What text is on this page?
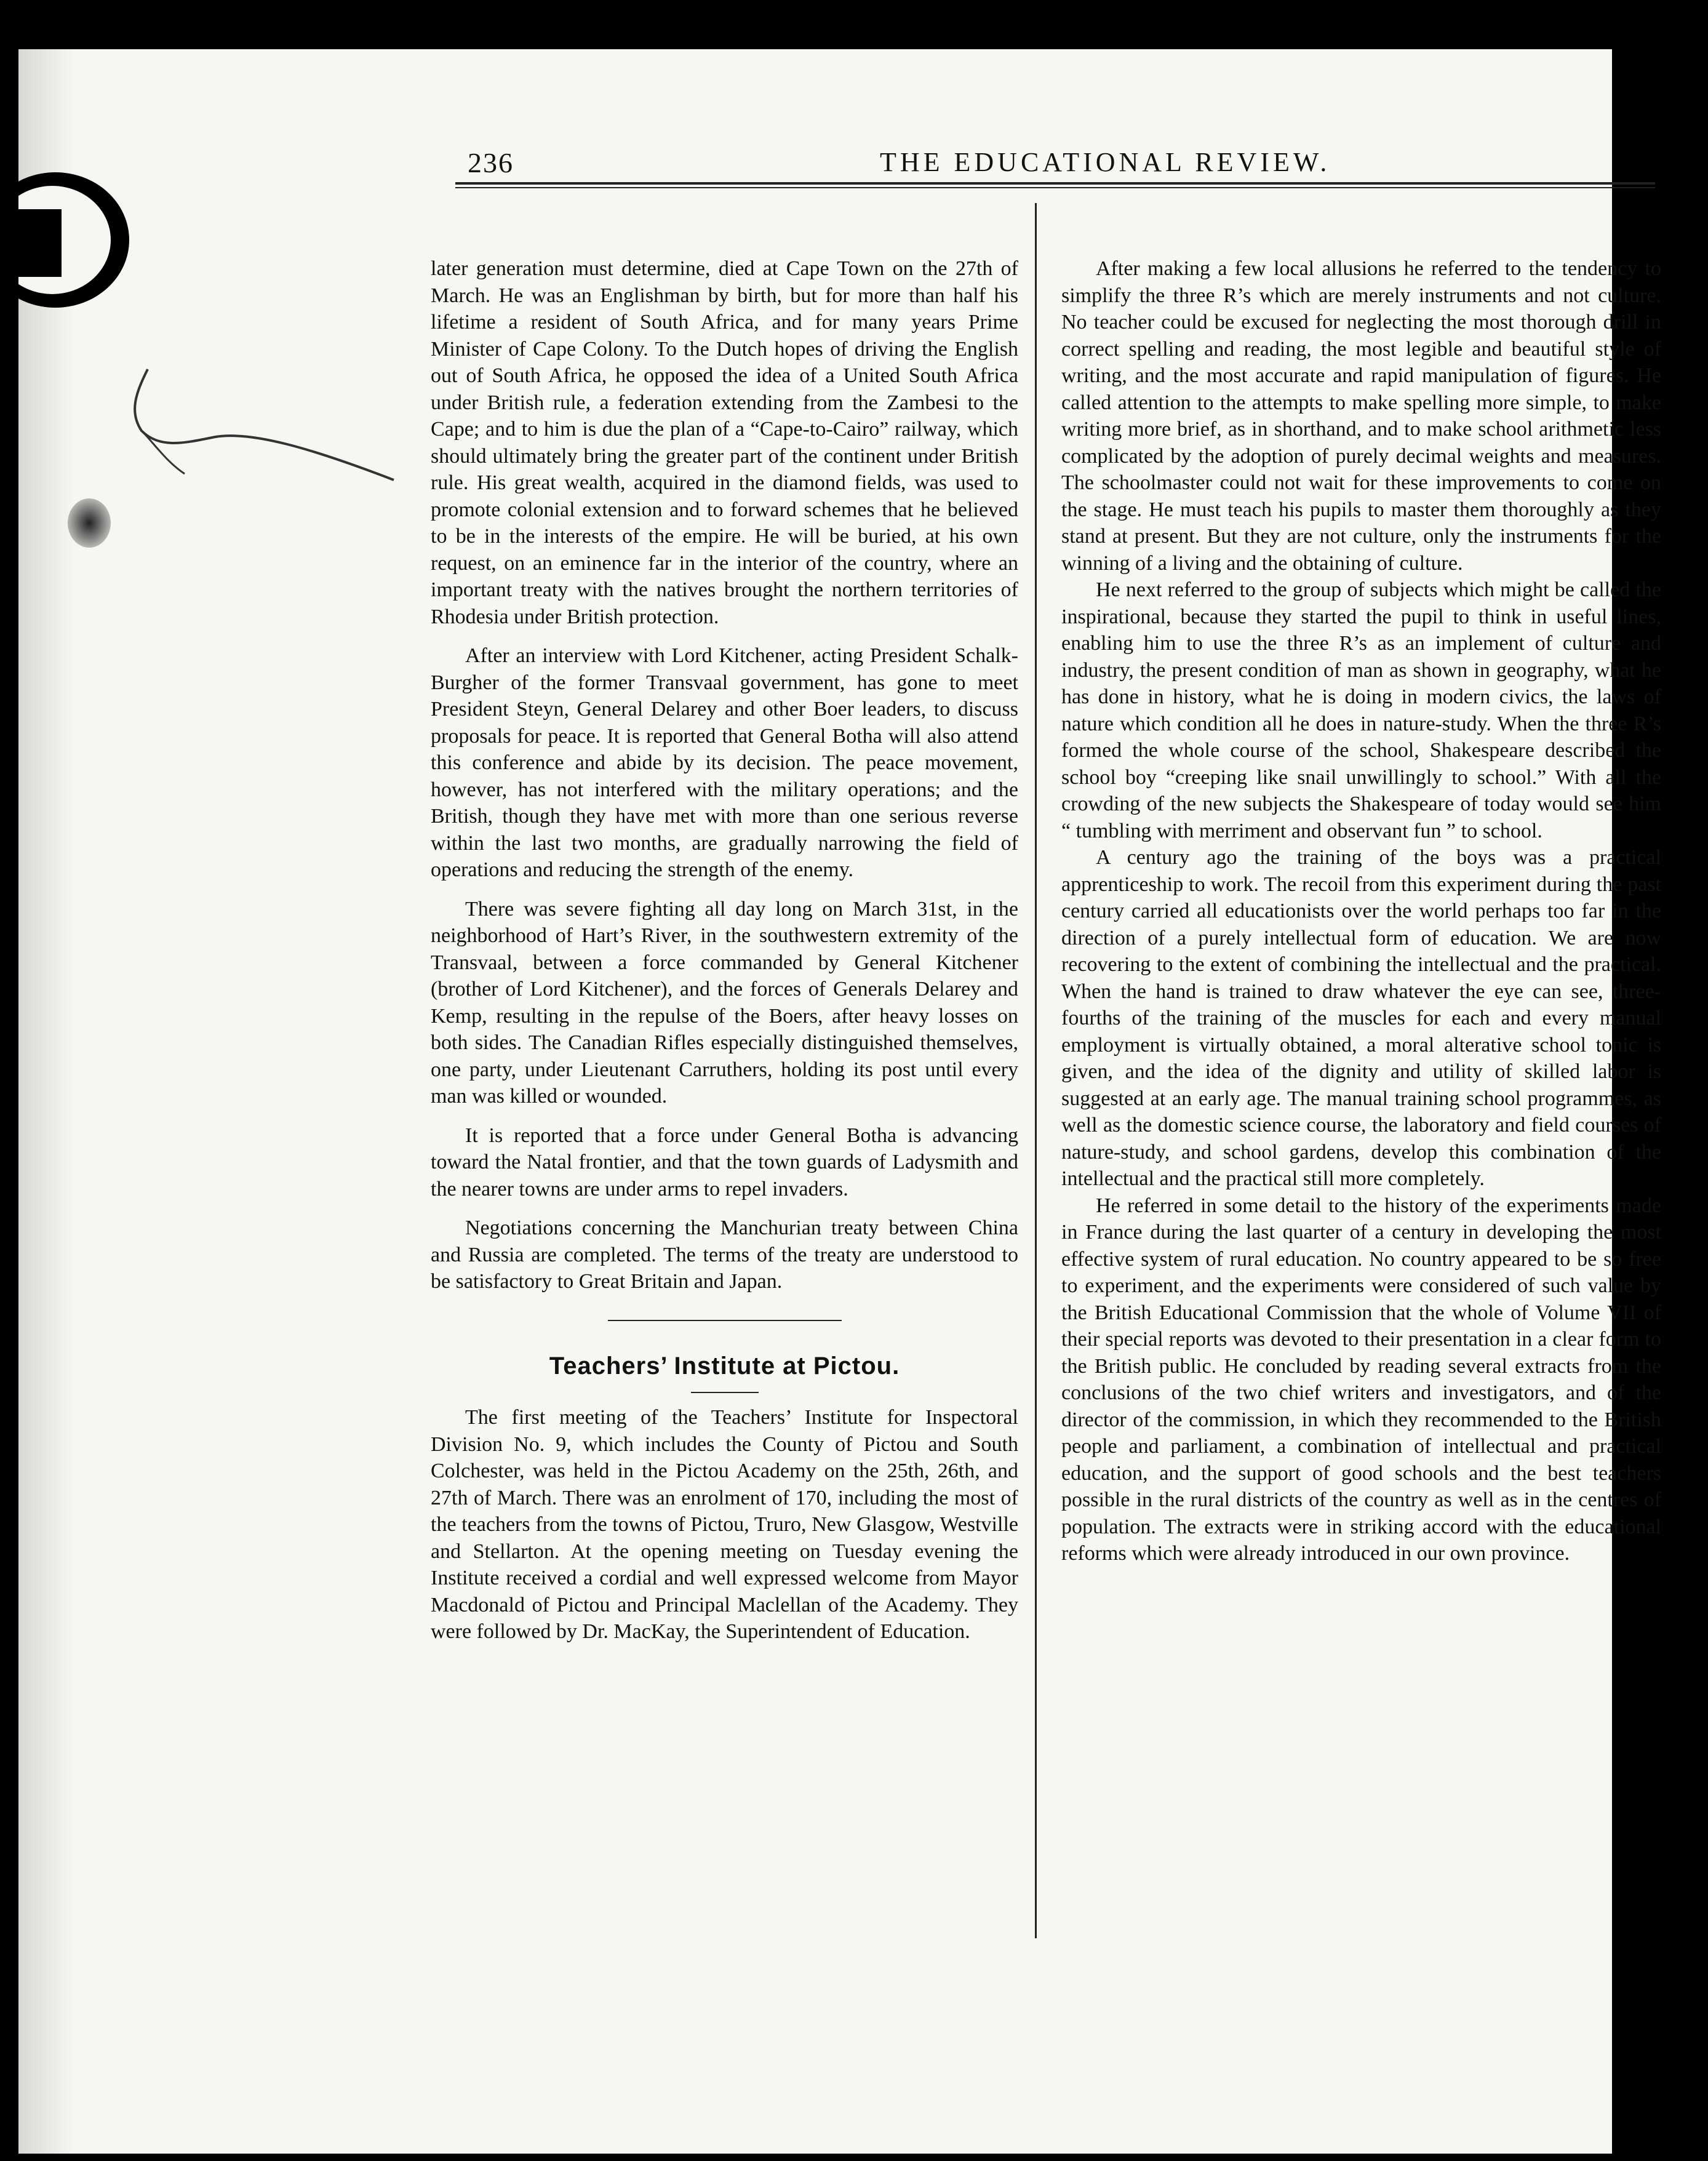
236	THE EDUCATIONAL REVIEW.

later generation must determine, died at Cape Town on the 27th of March. He was an Englishman by birth, but for more than half his lifetime a resident of South Africa, and for many years Prime Minister of Cape Colony. To the Dutch hopes of driving the English out of South Africa, he opposed the idea of a United South Africa under British rule, a federation extending from the Zambesi to the Cape; and to him is due the plan of a “Cape-to-Cairo” railway, which should ultimately bring the greater part of the continent under British rule. His great wealth, acquired in the diamond fields, was used to promote colonial extension and to forward schemes that he believed to be in the interests of the empire. He will be buried, at his own request, on an eminence far in the interior of the country, where an important treaty with the natives brought the northern territories of Rhodesia under British protection.

After an interview with Lord Kitchener, acting President Schalk-Burgher of the former Transvaal government, has gone to meet President Steyn, General Delarey and other Boer leaders, to discuss proposals for peace. It is reported that General Botha will also attend this conference and abide by its decision. The peace movement, however, has not interfered with the military operations; and the British, though they have met with more than one serious reverse within the last two months, are gradually narrowing the field of operations and reducing the strength of the enemy.

There was severe fighting all day long on March 31st, in the neighborhood of Hart’s River, in the southwestern extremity of the Transvaal, between a force commanded by General Kitchener (brother of Lord Kitchener), and the forces of Generals Delarey and Kemp, resulting in the repulse of the Boers, after heavy losses on both sides. The Canadian Rifles especially distinguished themselves, one party, under Lieutenant Carruthers, holding its post until every man was killed or wounded.

It is reported that a force under General Botha is advancing toward the Natal frontier, and that the town guards of Ladysmith and the nearer towns are under arms to repel invaders.

Negotiations concerning the Manchurian treaty between China and Russia are completed. The terms of the treaty are understood to be satisfactory to Great Britain and Japan.

Teachers’ Institute at Pictou.

The first meeting of the Teachers’ Institute for Inspectoral Division No. 9, which includes the County of Pictou and South Colchester, was held in the Pictou Academy on the 25th, 26th, and 27th of March. There was an enrolment of 170, including the most of the teachers from the towns of Pictou, Truro, New Glasgow, Westville and Stellarton. At the opening meeting on Tuesday evening the Institute received a cordial and well expressed welcome from Mayor Macdonald of Pictou and Principal Maclellan of the Academy. They were followed by Dr. MacKay, the Superintendent of Education.

After making a few local allusions he referred to the tendency to simplify the three R’s which are merely instruments and not culture. No teacher could be excused for neglecting the most thorough drill in correct spelling and reading, the most legible and beautiful style of writing, and the most accurate and rapid manipulation of figures. He called attention to the attempts to make spelling more simple, to make writing more brief, as in shorthand, and to make school arithmetic less complicated by the adoption of purely decimal weights and measures. The schoolmaster could not wait for these improvements to come on the stage. He must teach his pupils to master them thoroughly as they stand at present. But they are not culture, only the instruments for the winning of a living and the obtaining of culture.

He next referred to the group of subjects which might be called the inspirational, because they started the pupil to think in useful lines, enabling him to use the three R’s as an implement of culture and industry, the present condition of man as shown in geography, what he has done in history, what he is doing in modern civics, the laws of nature which condition all he does in nature-study. When the three R’s formed the whole course of the school, Shakespeare described the school boy “creeping like snail unwillingly to school.” With all the crowding of the new subjects the Shakespeare of today would see him “ tumbling with merriment and observant fun ” to school.

A century ago the training of the boys was a practical apprenticeship to work. The recoil from this experiment during the past century carried all educationists over the world perhaps too far in the direction of a purely intellectual form of education. We are now recovering to the extent of combining the intellectual and the practical. When the hand is trained to draw whatever the eye can see, three-fourths of the training of the muscles for each and every manual employment is virtually obtained, a moral alterative school tonic is given, and the idea of the dignity and utility of skilled labor is suggested at an early age. The manual training school programmes, as well as the domestic science course, the laboratory and field courses of nature-study, and school gardens, develop this combination of the intellectual and the practical still more completely.

He referred in some detail to the history of the experiments made in France during the last quarter of a century in developing the most effective system of rural education. No country appeared to be so free to experiment, and the experiments were considered of such value by the British Educational Commission that the whole of Volume VII of their special reports was devoted to their presentation in a clear form to the British public. He concluded by reading several extracts from the conclusions of the two chief writers and investigators, and of the director of the commission, in which they recommended to the British people and parliament, a combination of intellectual and practical education, and the support of good schools and the best teachers possible in the rural districts of the country as well as in the centres of population. The extracts were in striking accord with the educational reforms which were already introduced in our own province.
